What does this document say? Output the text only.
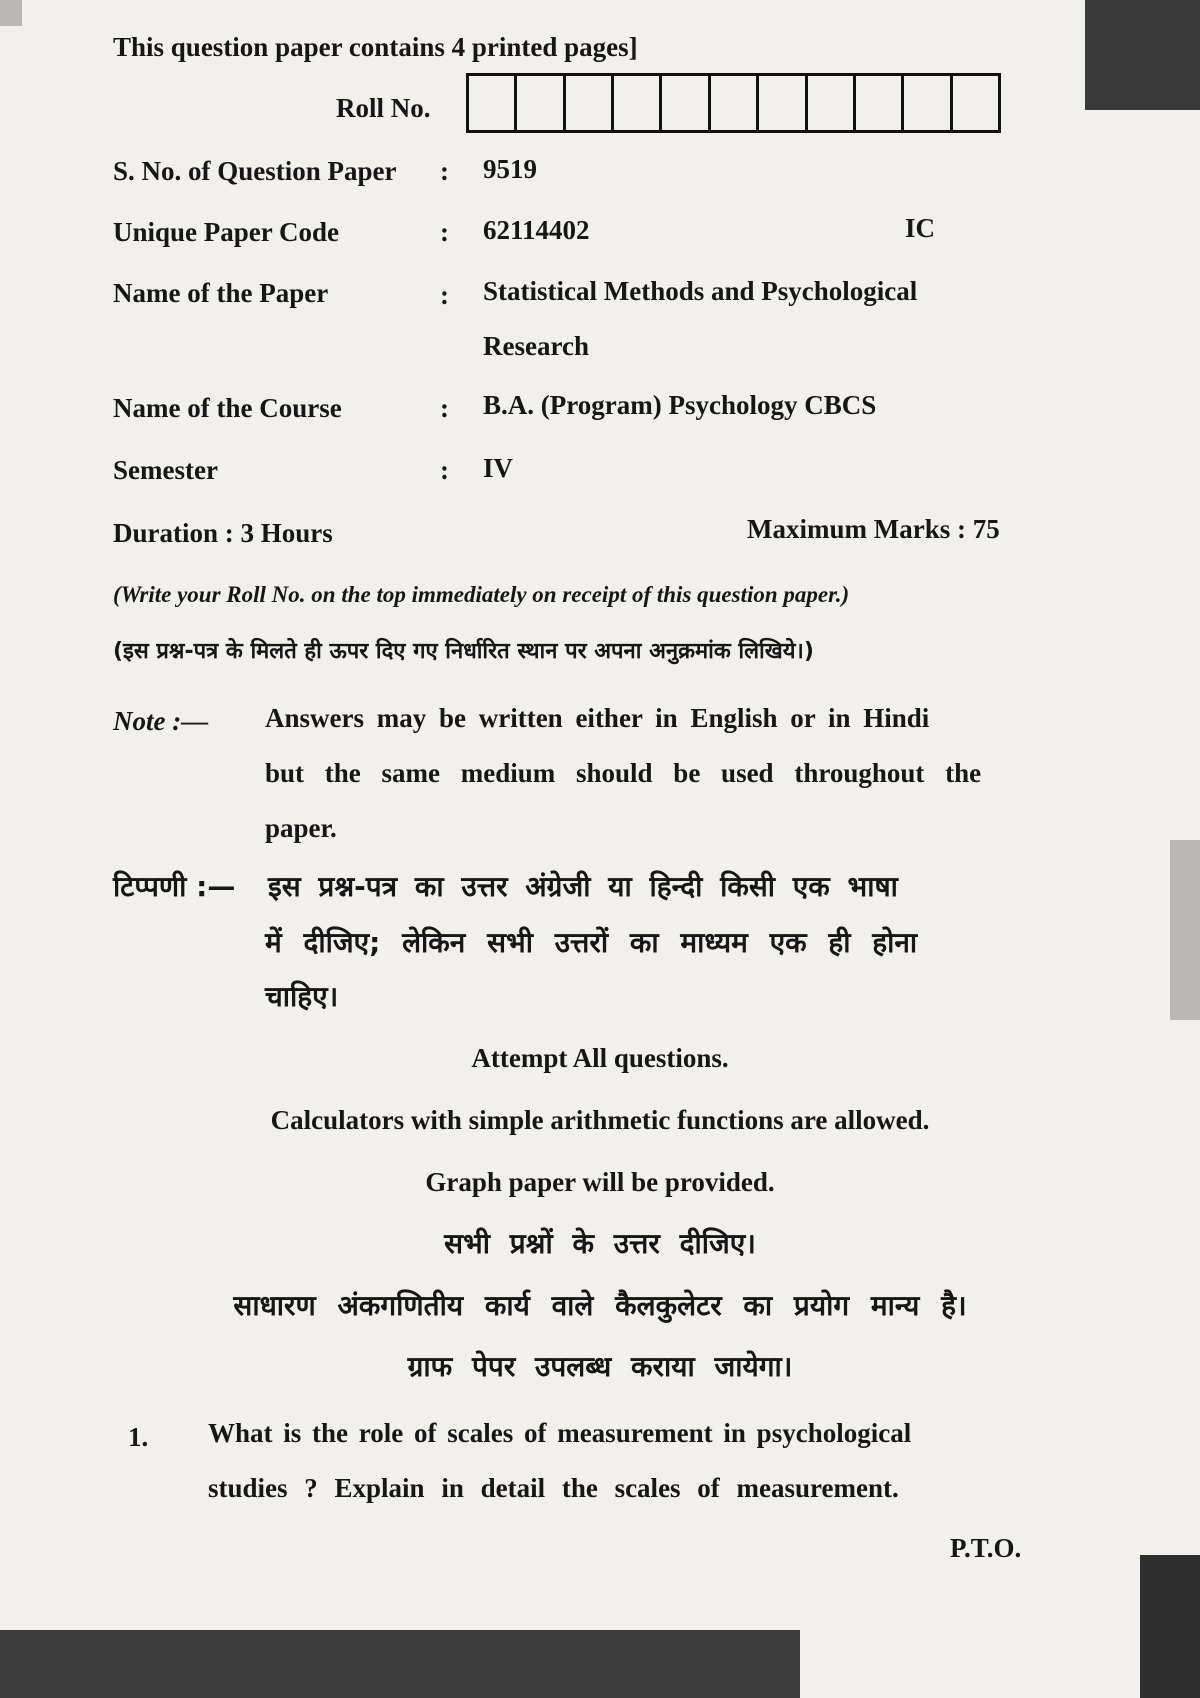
This question paper contains 4 printed pages]
Roll No.
S. No. of Question Paper : 9519
Unique Paper Code	: 62114402	IC
Name of the Paper	: Statistical Methods and Psychological
Research
Name of the Course	: B.A. (Program) Psychology CBCS
Semester	: IV
Duration : 3 Hours	Maximum Marks : 75
(Write your Roll No. on the top immediately on receipt of this question paper.)
(इस प्रश्न-पत्र के मिलते ही ऊपर दिए गए निर्धारित स्थान पर अपना अनुक्रमांक लिखिये।)
Note :— Answers may be written either in English or in Hindi
but the same medium should be used throughout the
paper.
टिप्पणी :— इस प्रश्न-पत्र का उत्तर अंग्रेजी या हिन्दी किसी एक भाषा
में दीजिए; लेकिन सभी उत्तरों का माध्यम एक ही होना
चाहिए।
Attempt All questions.
Calculators with simple arithmetic functions are allowed.
Graph paper will be provided.
सभी प्रश्नों के उत्तर दीजिए।
साधारण अंकगणितीय कार्य वाले कैलकुलेटर का प्रयोग मान्य है।
ग्राफ पेपर उपलब्ध कराया जायेगा।
1. What is the role of scales of measurement in psychological
studies ? Explain in detail the scales of measurement.
P.T.O.
